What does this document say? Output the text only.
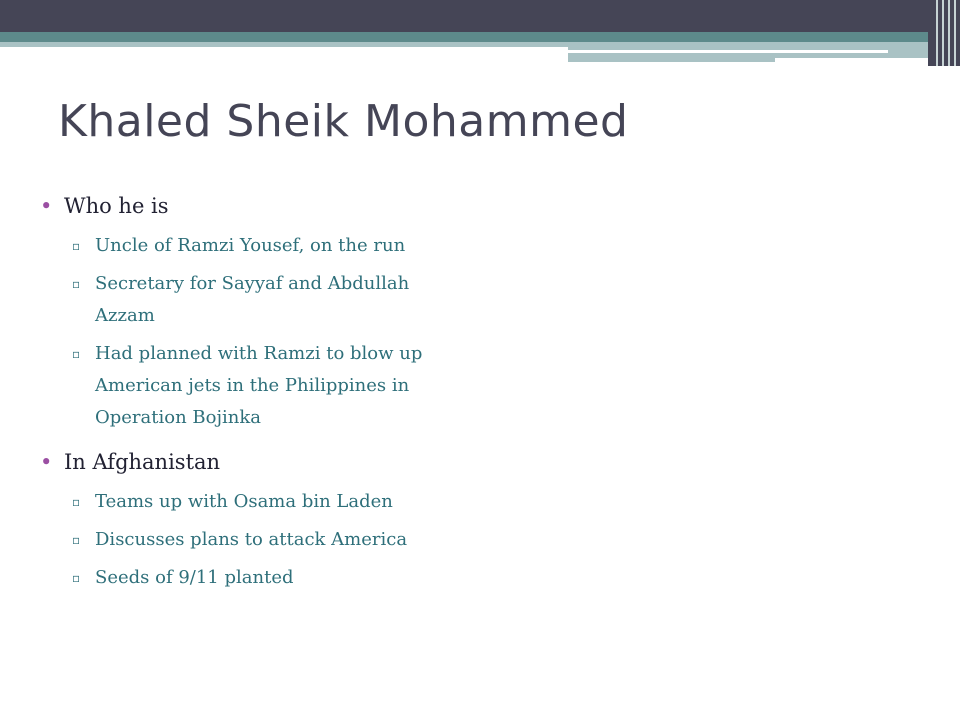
Khaled Sheik Mohammed
• Who he is
▫ Uncle of Ramzi Yousef, on the run
▫ Secretary for Sayyaf and Abdullah Azzam
▫ Had planned with Ramzi to blow up American jets in the Philippines in Operation Bojinka
• In Afghanistan
▫ Teams up with Osama bin Laden
▫ Discusses plans to attack America
▫ Seeds of 9/11 planted
